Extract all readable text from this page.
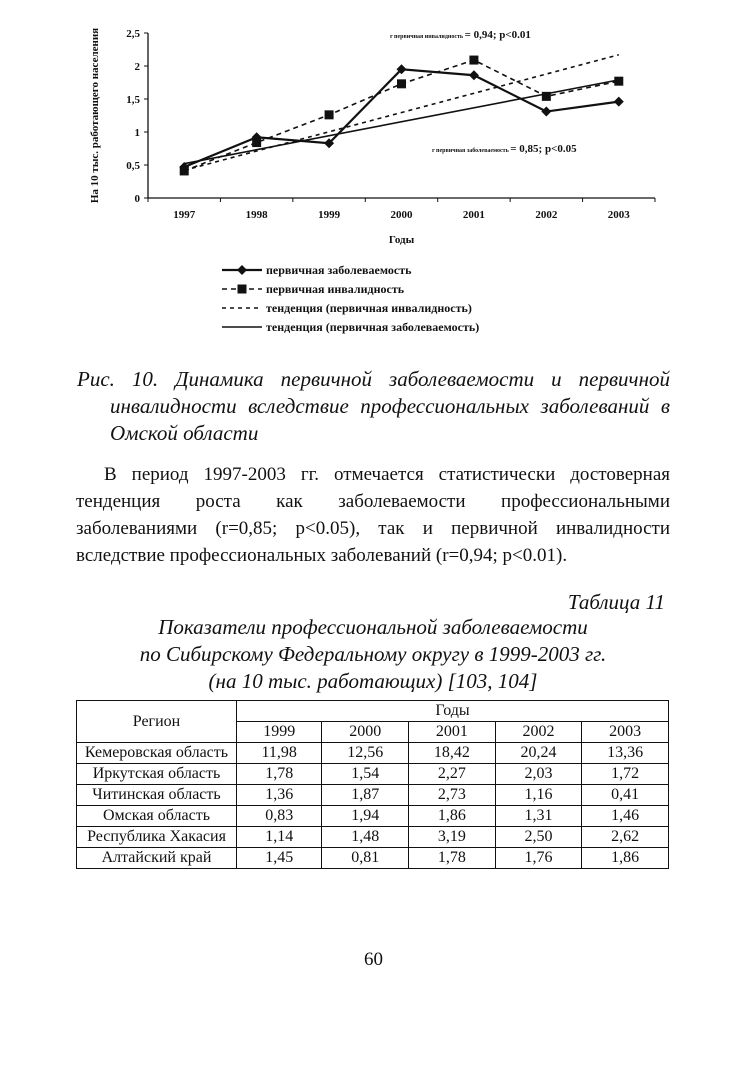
0
0,5
1
1,5
2
2,5
1997	1998	1999	2000	2001	2002	2003
Годы
На 10 тыс. работающего населения	r первичная инвалидность = 0,94; p<0.01
r первичная заболеваемость = 0,85; p<0.05
первичная заболеваемость
первичная инвалидность
тенденция (первичная инвалидность)
тенденция (первичная заболеваемость)
Рис. 10. Динамика первичной заболеваемости и первичной инвалидности вследствие профессиональных заболеваний в Омской области
В период 1997-2003 гг. отмечается статистически достоверная тенденция роста как заболеваемости профессиональными заболеваниями (r=0,85; p<0.05), так и первичной инвалидности вследствие профессиональных заболеваний (r=0,94; p<0.01).
Таблица 11
Показатели профессиональной заболеваемости
по Сибирскому Федеральному округу в 1999-2003 гг.
(на 10 тыс. работающих) [103, 104]
Регион	Годы				
	1999	2000	2001	2002	2003
Кемеровская область	11,98	12,56	18,42	20,24	13,36
Иркутская область	1,78	1,54	2,27	2,03	1,72
Читинская область	1,36	1,87	2,73	1,16	0,41
Омская область	0,83	1,94	1,86	1,31	1,46
Республика Хакасия	1,14	1,48	3,19	2,50	2,62
Алтайский край	1,45	0,81	1,78	1,76	1,86
60
